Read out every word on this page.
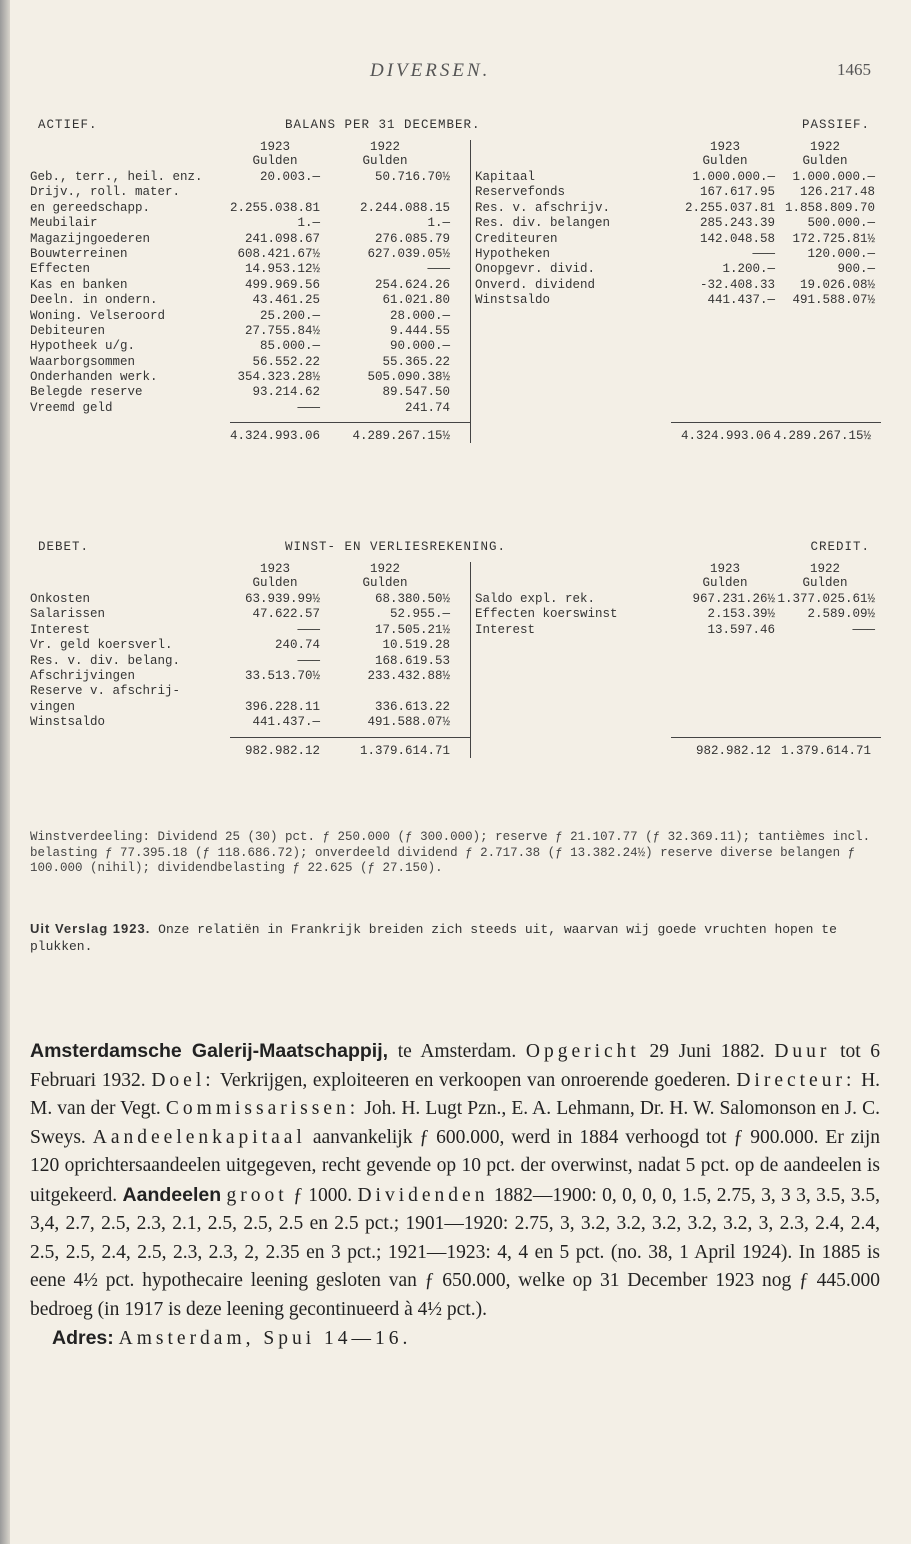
DIVERSEN.	1465
ACTIEF.	BALANS PER 31 DECEMBER.	PASSIEF.
1923
Gulden
1922
Gulden
Geb., terr., heil. enz.	20.003.—	50.716.70½
Drijv., roll. mater.
en gereedschapp.	2.255.038.81	2.244.088.15
Meubilair	1.—	1.—
Magazijngoederen	241.098.67	276.085.79
Bouwterreinen	608.421.67½	627.039.05½
Effecten	14.953.12½	———
Kas en banken	499.969.56	254.624.26
Deeln. in ondern.	43.461.25	61.021.80
Woning. Velseroord	25.200.—	28.000.—
Debiteuren	27.755.84½	9.444.55
Hypotheek u/g.	85.000.—	90.000.—
Waarborgsommen	56.552.22	55.365.22
Onderhanden werk.	354.323.28½	505.090.38½
Belegde reserve	93.214.62	89.547.50
Vreemd geld	———	241.74
4.324.993.06	4.289.267.15½
1923
Gulden
1922
Gulden
Kapitaal	1.000.000.—	1.000.000.—
Reservefonds	167.617.95	126.217.48
Res. v. afschrijv.	2.255.037.81 1.858.809.70
Res. div. belangen	285.243.39	500.000.—
Crediteuren	142.048.58	172.725.81½
Hypotheken	———	120.000.—
Onopgevr. divid.	1.200.—	900.—
Onverd. dividend	-32.408.33	19.026.08½
Winstsaldo	441.437.—	491.588.07½
4.324.993.06 4.289.267.15½
DEBET.	WINST- EN VERLIESREKENING.	CREDIT.
1923
Gulden
1922
Gulden
Onkosten	63.939.99½	68.380.50½
Salarissen	47.622.57	52.955.—
Interest	———	17.505.21½
Vr. geld koersverl.	240.74	10.519.28
Res. v. div. belang.	———	168.619.53
Afschrijvingen	33.513.70½	233.432.88½
Reserve v. afschrij-
vingen	396.228.11	336.613.22
Winstsaldo	441.437.—	491.588.07½
982.982.12	1.379.614.71
1923
Gulden
1922
Gulden
Saldo expl. rek.	967.231.26½ 1.377.025.61½
Effecten koerswinst	2.153.39½	2.589.09½
Interest	13.597.46	———
982.982.12 1.379.614.71
Winstverdeeling: Dividend 25 (30) pct. ƒ 250.000 (ƒ 300.000); reserve ƒ 21.107.77 (ƒ 32.369.11); tantièmes incl. belasting ƒ 77.395.18 (ƒ 118.686.72); onverdeeld dividend ƒ 2.717.38 (ƒ 13.382.24½) reserve diverse belangen ƒ 100.000 (nihil); dividendbelasting ƒ 22.625 (ƒ 27.150).
Uit Verslag 1923. Onze relatiën in Frankrijk breiden zich steeds uit, waarvan wij goede vruchten hopen te plukken.
Amsterdamsche Galerij-Maatschappij, te Amsterdam. Opgericht 29 Juni 1882. Duur tot 6 Februari 1932. Doel: Verkrijgen, exploiteeren en verkoopen van onroerende goederen. Directeur: H. M. van der Vegt. Commissarissen: Joh. H. Lugt Pzn., E. A. Lehmann, Dr. H. W. Salomonson en J. C. Sweys. Aandeelenkapitaal aanvankelijk ƒ 600.000, werd in 1884 verhoogd tot ƒ 900.000. Er zijn 120 oprichtersaandeelen uitgegeven, recht gevende op 10 pct. der overwinst, nadat 5 pct. op de aandeelen is uitgekeerd. Aandeelen groot ƒ 1000. Dividenden 1882—1900: 0, 0, 0, 0, 1.5, 2.75, 3, 3 3, 3.5, 3.5, 3,4, 2.7, 2.5, 2.3, 2.1, 2.5, 2.5, 2.5 en 2.5 pct.; 1901—1920: 2.75, 3, 3.2, 3.2, 3.2, 3.2, 3.2, 3, 2.3, 2.4, 2.4, 2.5, 2.5, 2.4, 2.5, 2.3, 2.3, 2, 2.35 en 3 pct.; 1921—1923: 4, 4 en 5 pct. (no. 38, 1 April 1924). In 1885 is eene 4½ pct. hypothecaire leening gesloten van ƒ 650.000, welke op 31 December 1923 nog ƒ 445.000 bedroeg (in 1917 is deze leening gecontinueerd à 4½ pct.).
Adres: Amsterdam, Spui 14—16.
